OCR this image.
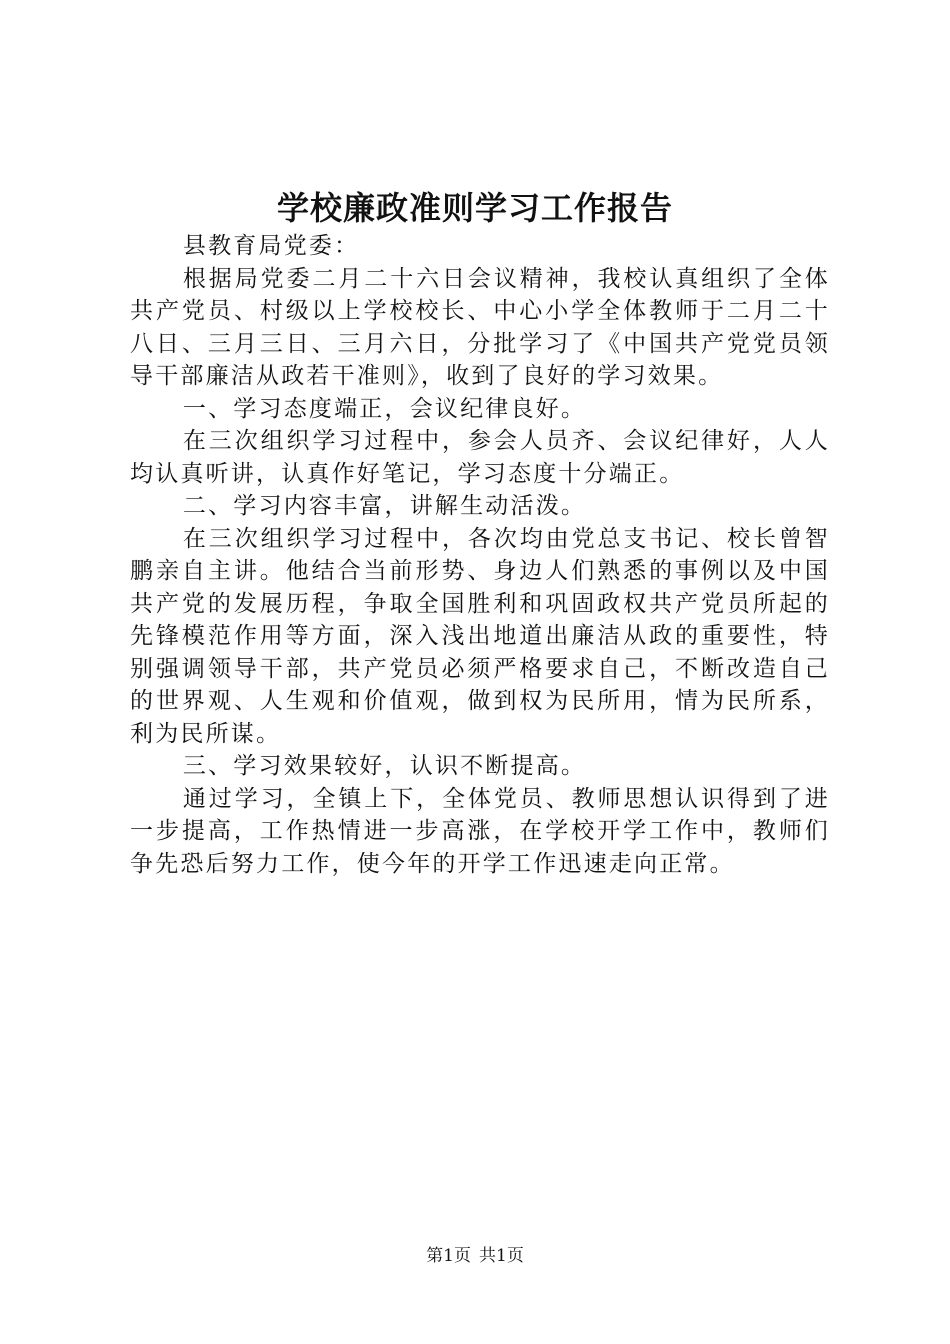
学校廉政准则学习工作报告

县教育局党委：

根据局党委二月二十六日会议精神，我校认真组织了全体共产党员、村级以上学校校长、中心小学全体教师于二月二十八日、三月三日、三月六日，分批学习了《中国共产党党员领导干部廉洁从政若干准则》，收到了良好的学习效果。

一、学习态度端正，会议纪律良好。

在三次组织学习过程中，参会人员齐、会议纪律好，人人均认真听讲，认真作好笔记，学习态度十分端正。

二、学习内容丰富，讲解生动活泼。

在三次组织学习过程中，各次均由党总支书记、校长曾智鹏亲自主讲。他结合当前形势、身边人们熟悉的事例以及中国共产党的发展历程，争取全国胜利和巩固政权共产党员所起的先锋模范作用等方面，深入浅出地道出廉洁从政的重要性，特别强调领导干部，共产党员必须严格要求自己，不断改造自己的世界观、人生观和价值观，做到权为民所用，情为民所系，利为民所谋。

三、学习效果较好，认识不断提高。

通过学习，全镇上下，全体党员、教师思想认识得到了进一步提高，工作热情进一步高涨，在学校开学工作中，教师们争先恐后努力工作，使今年的开学工作迅速走向正常。

第1页 共1页
